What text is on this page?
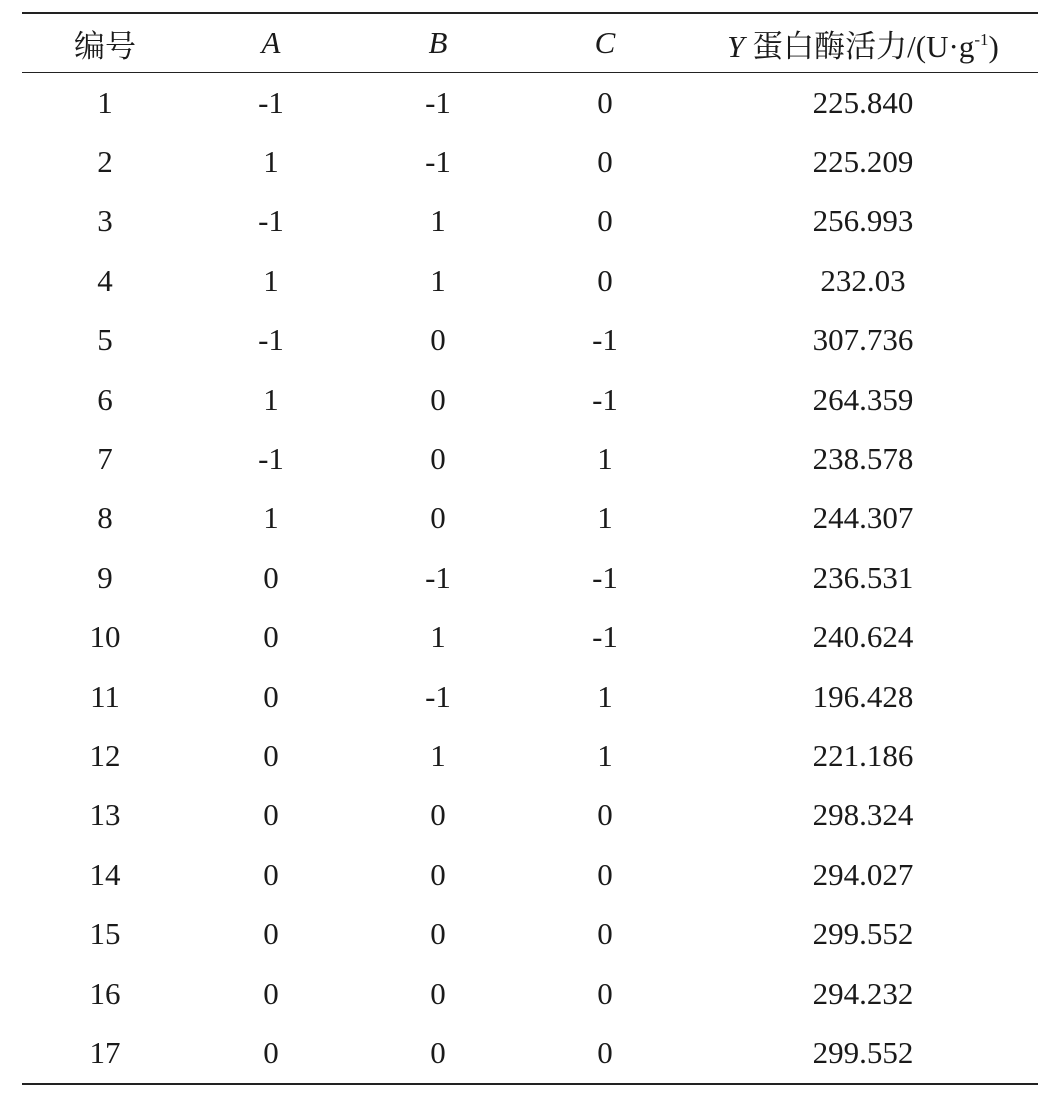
编号	A	B	C	Y 蛋白酶活力$/(U\cdot g^{-1})$
1	-1	-1	0	225.840
2	1	-1	0	225.209
3	-1	1	0	256.993
4	1	1	0	232.03
5	-1	0	-1	307.736
6	1	0	-1	264.359
7	-1	0	1	238.578
8	1	0	1	244.307
9	0	-1	-1	236.531
10	0	1	-1	240.624
11	0	-1	1	196.428
12	0	1	1	221.186
13	0	0	0	298.324
14	0	0	0	294.027
15	0	0	0	299.552
16	0	0	0	294.232
17	0	0	0	299.552
